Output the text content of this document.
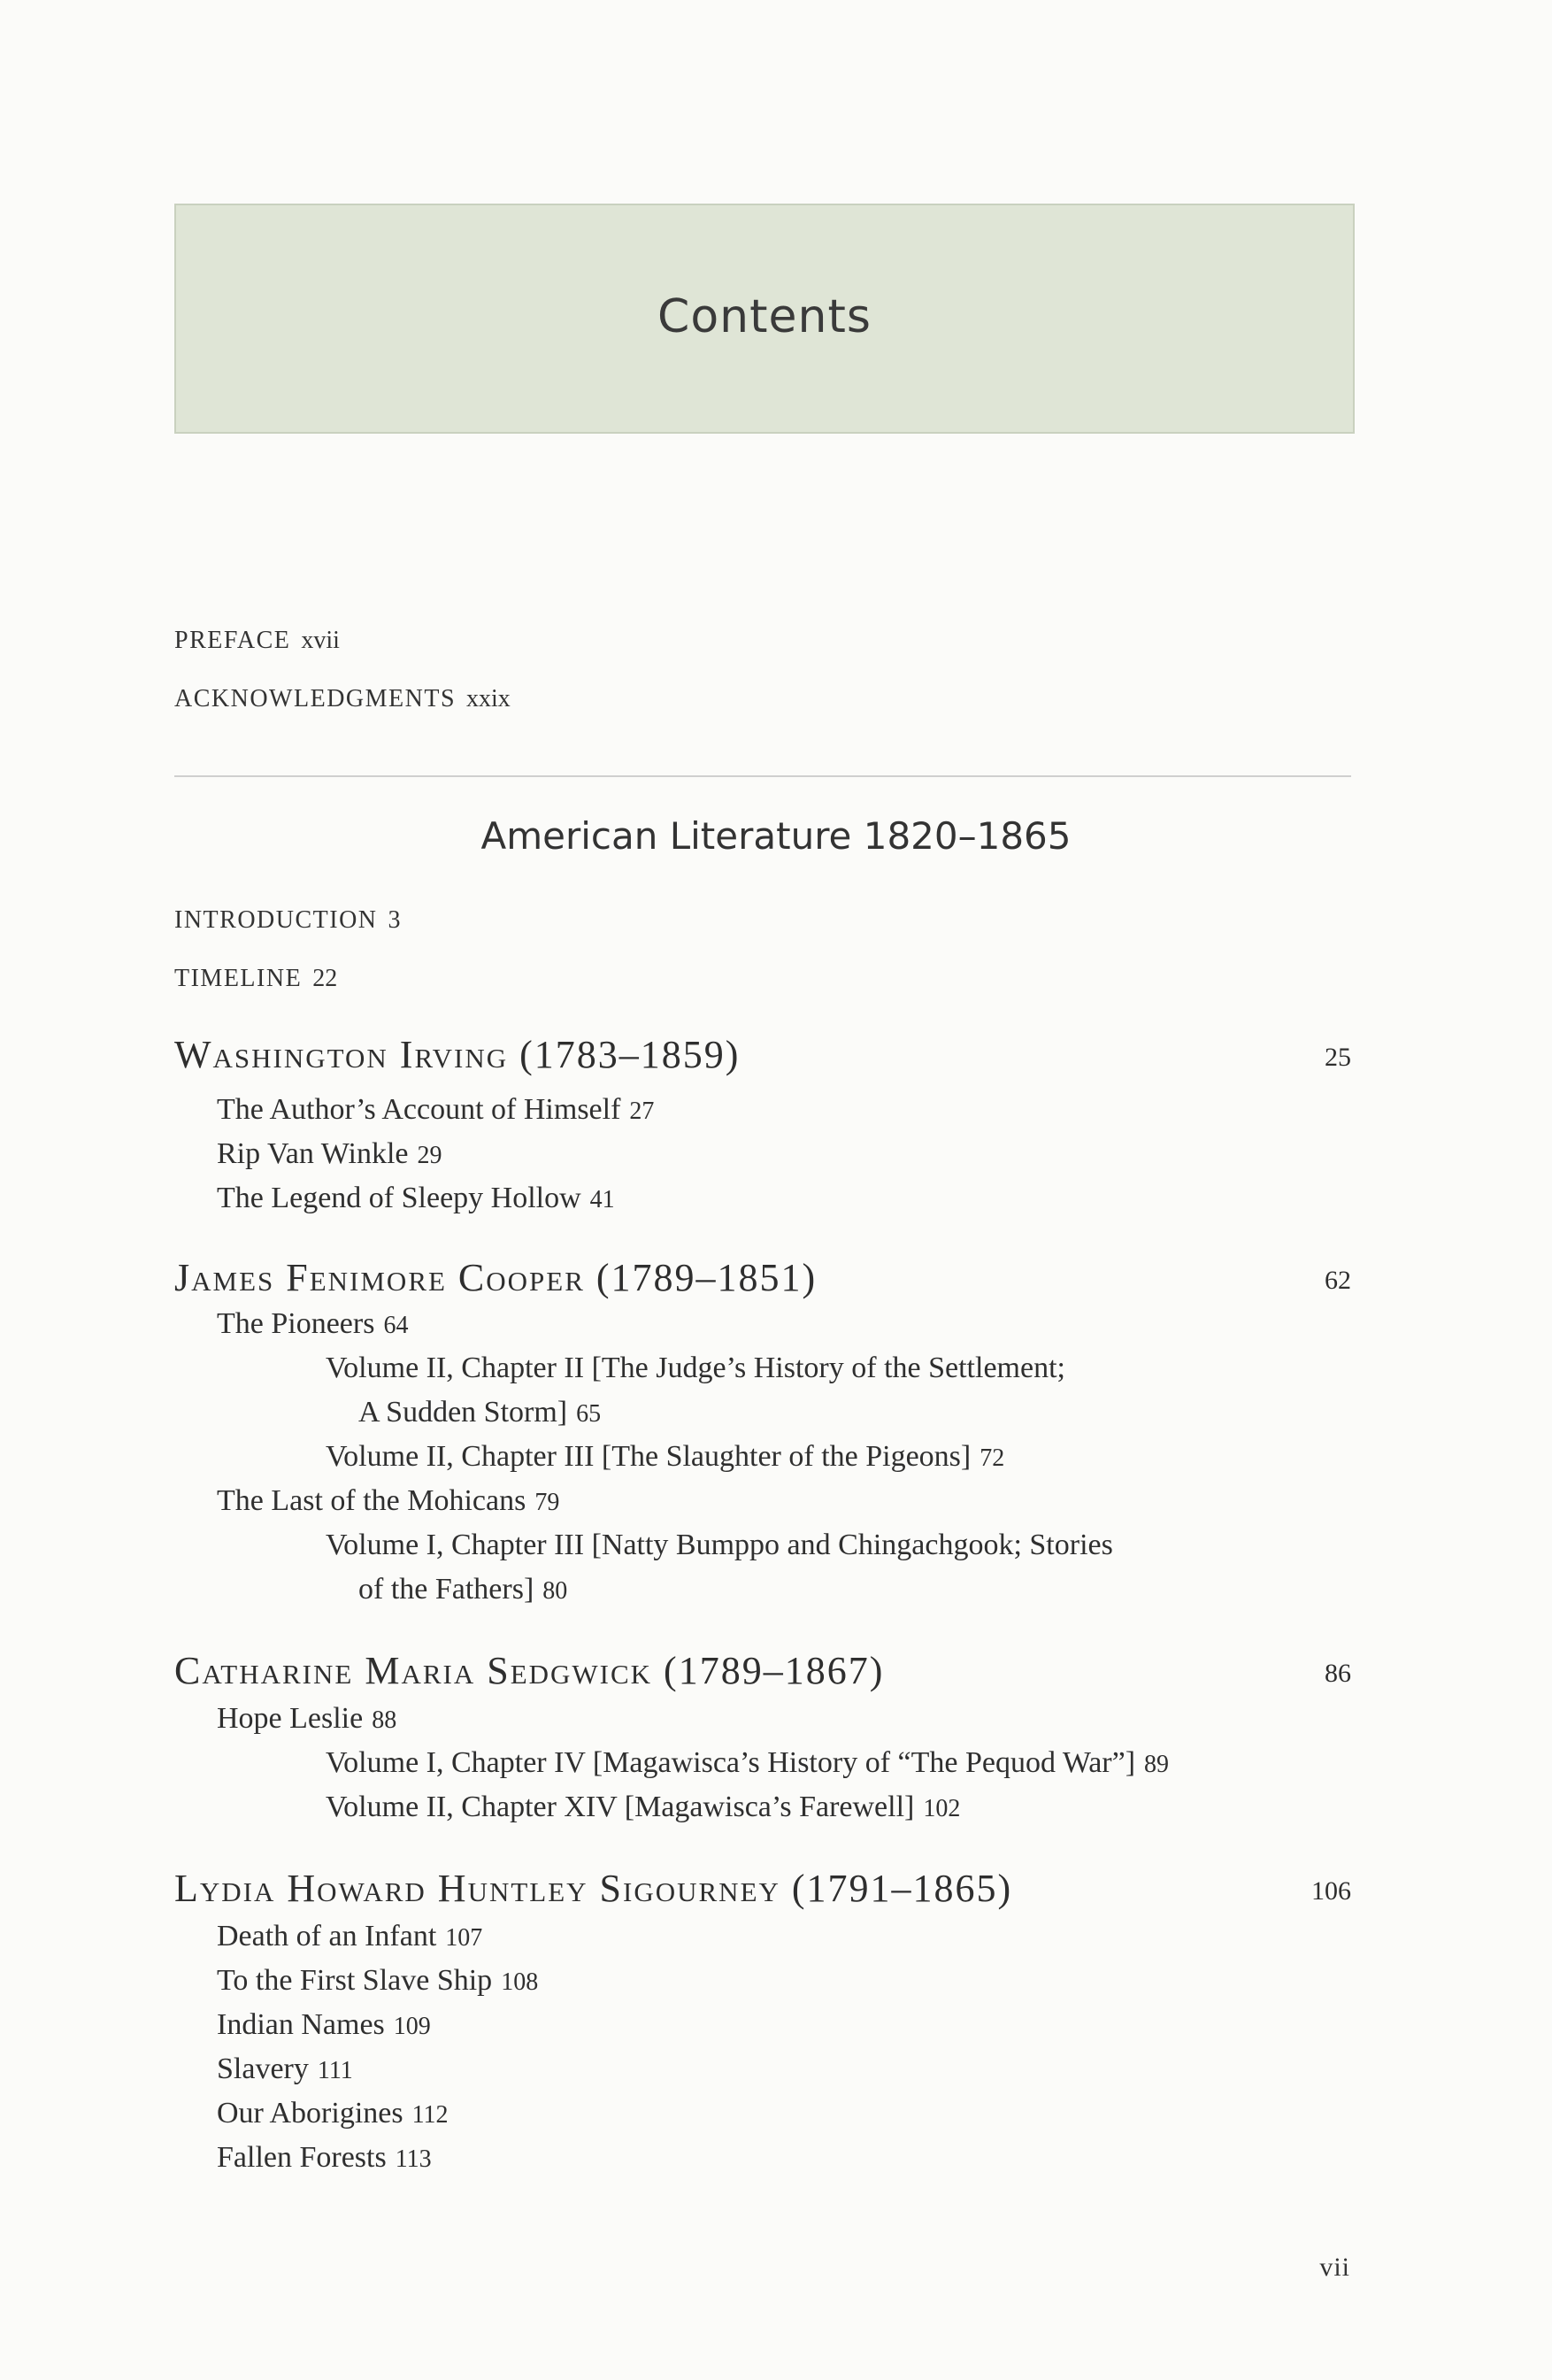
Contents
PREFACE xvii
ACKNOWLEDGMENTS xxix
American Literature 1820–1865
INTRODUCTION 3
TIMELINE 22
Washington Irving (1783–1859)	25
The Author’s Account of Himself 27
Rip Van Winkle 29
The Legend of Sleepy Hollow 41
James Fenimore Cooper (1789–1851)	62
The Pioneers 64
Volume II, Chapter II [The Judge’s History of the Settlement;
A Sudden Storm] 65
Volume II, Chapter III [The Slaughter of the Pigeons] 72
The Last of the Mohicans 79
Volume I, Chapter III [Natty Bumppo and Chingachgook; Stories
of the Fathers] 80
Catharine Maria Sedgwick (1789–1867)	86
Hope Leslie 88
Volume I, Chapter IV [Magawisca’s History of “The Pequod War”] 89
Volume II, Chapter XIV [Magawisca’s Farewell] 102
Lydia Howard Huntley Sigourney (1791–1865)	106
Death of an Infant 107
To the First Slave Ship 108
Indian Names 109
Slavery 111
Our Aborigines 112
Fallen Forests 113
vii
